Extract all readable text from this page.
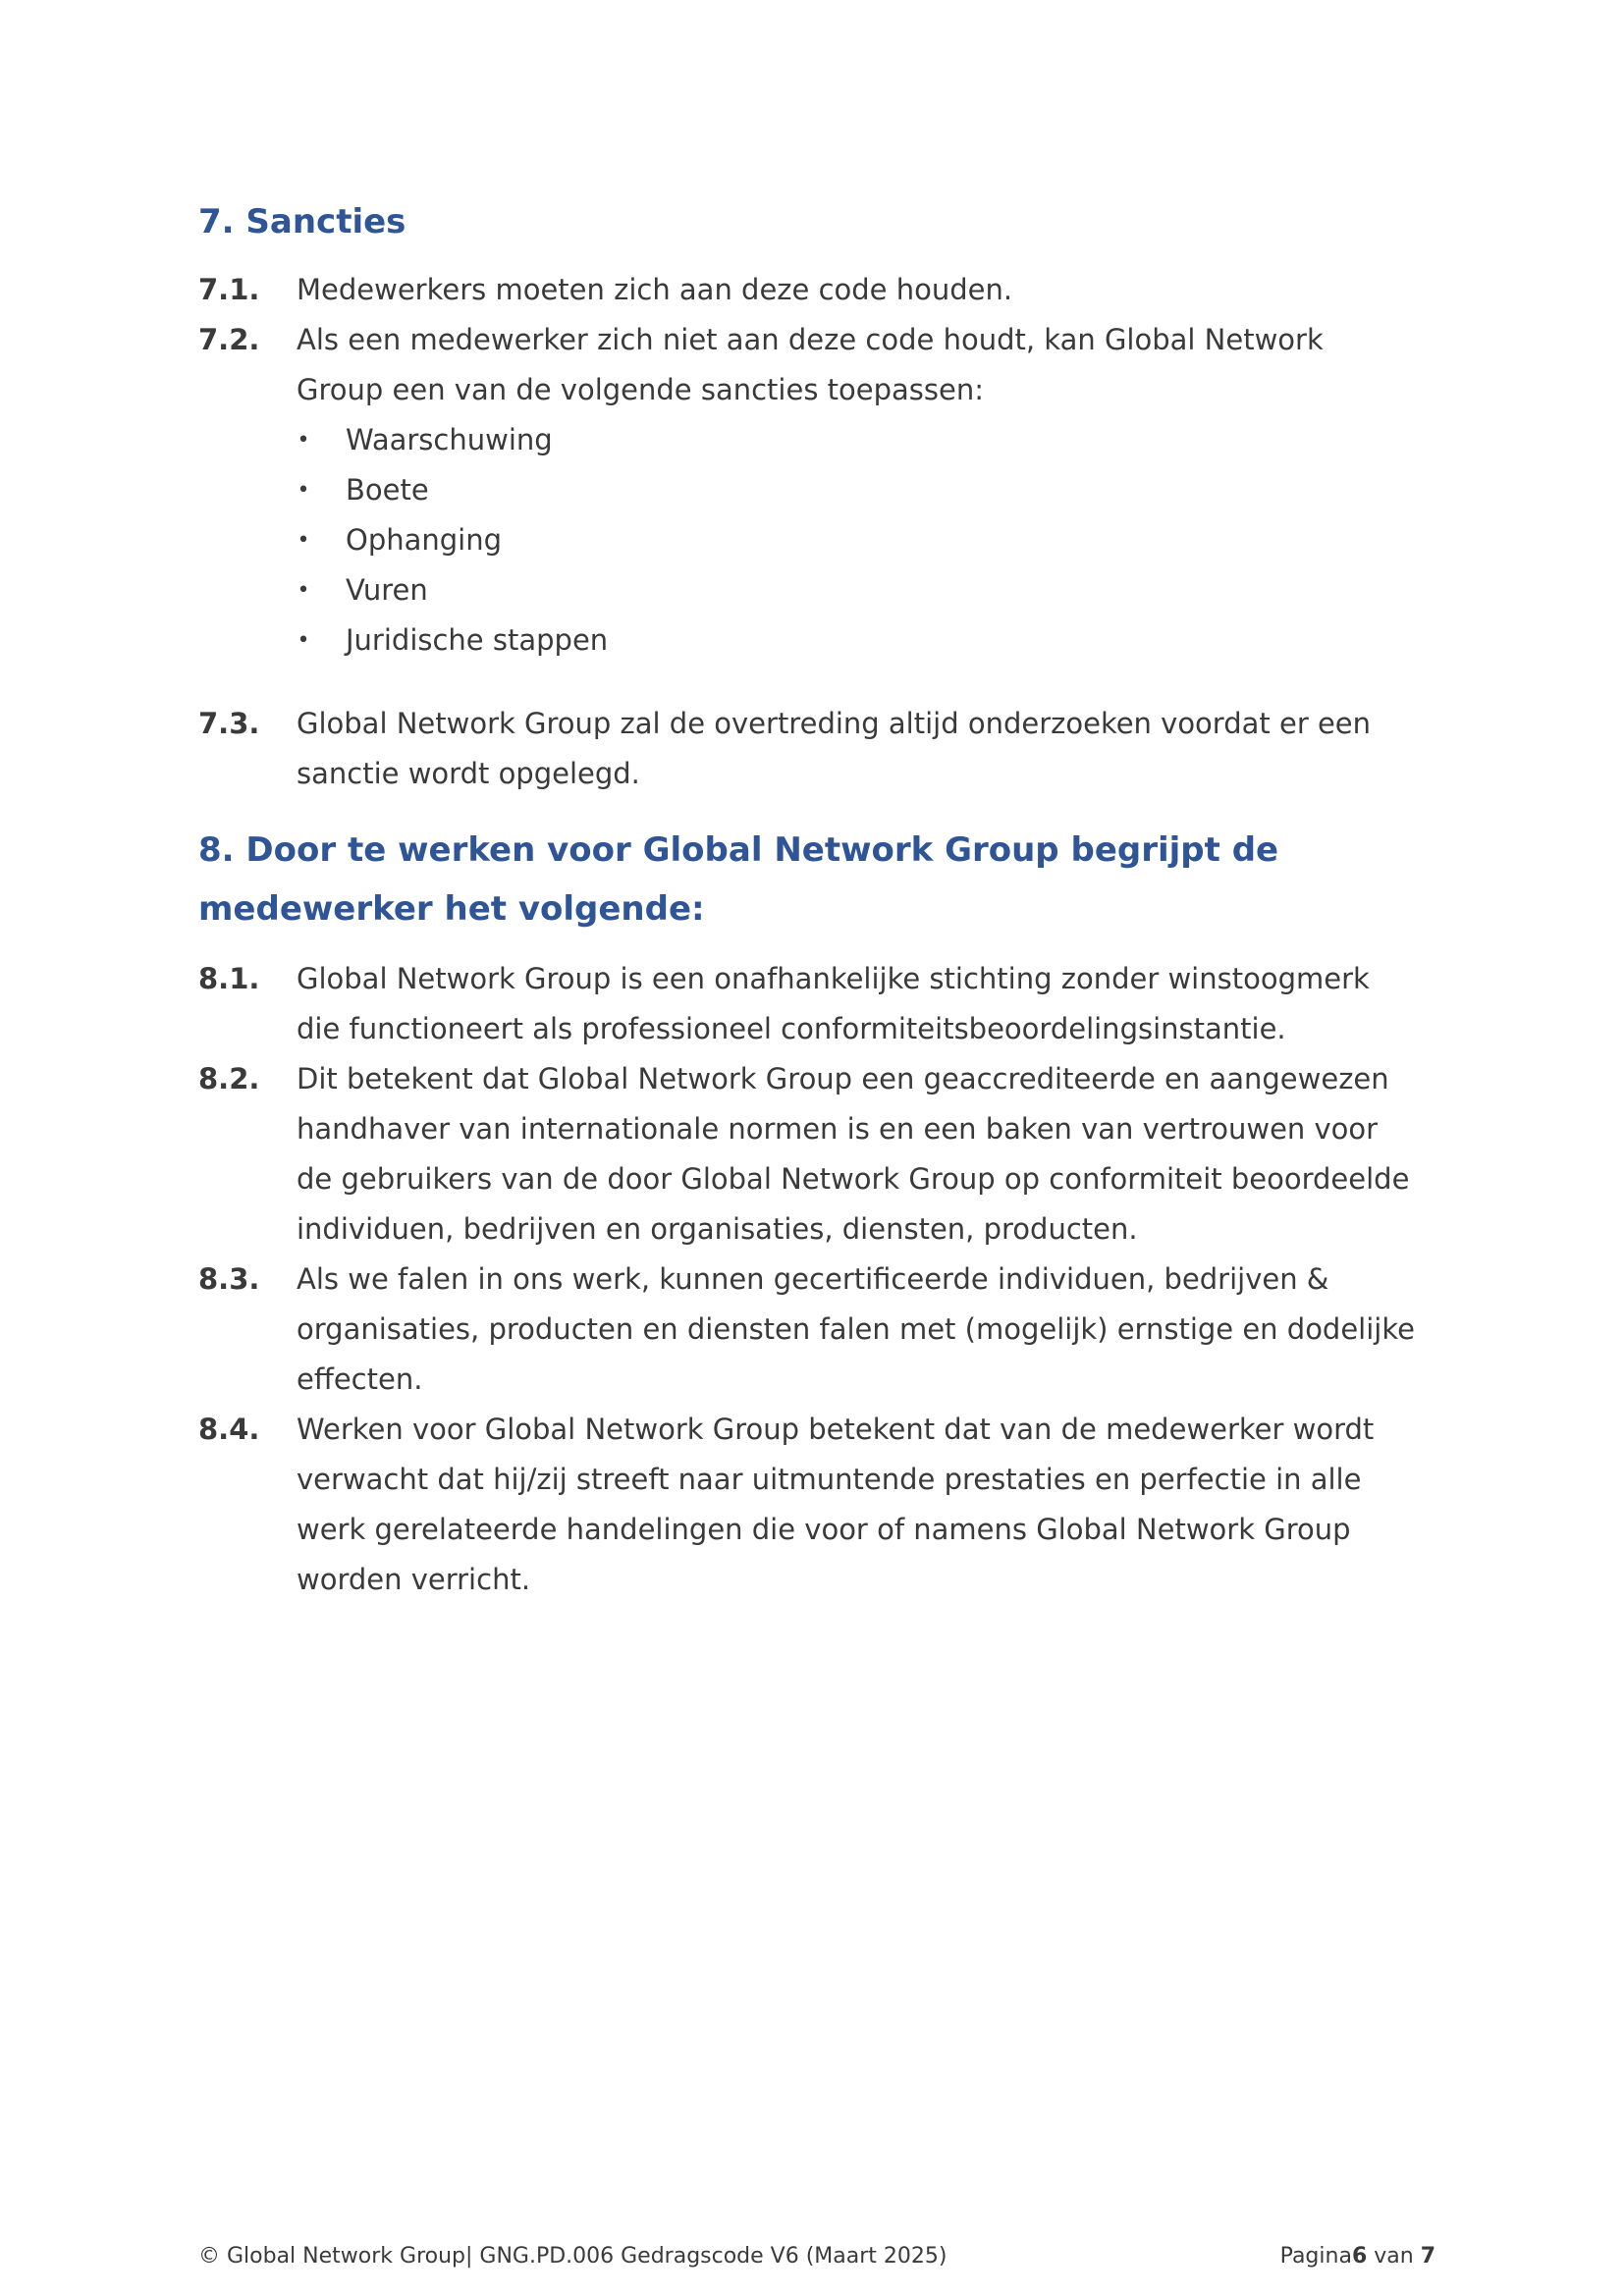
7. Sancties
7.1. Medewerkers moeten zich aan deze code houden.
7.2. Als een medewerker zich niet aan deze code houdt, kan Global Network Group een van de volgende sancties toepassen:
• Waarschuwing
• Boete
• Ophanging
• Vuren
• Juridische stappen
7.3. Global Network Group zal de overtreding altijd onderzoeken voordat er een sanctie wordt opgelegd.
8. Door te werken voor Global Network Group begrijpt de medewerker het volgende:
8.1. Global Network Group is een onafhankelijke stichting zonder winstoogmerk die functioneert als professioneel conformiteitsbeoordelingsinstantie.
8.2. Dit betekent dat Global Network Group een geaccrediteerde en aangewezen handhaver van internationale normen is en een baken van vertrouwen voor de gebruikers van de door Global Network Group op conformiteit beoordeelde individuen, bedrijven en organisaties, diensten, producten.
8.3. Als we falen in ons werk, kunnen gecertificeerde individuen, bedrijven & organisaties, producten en diensten falen met (mogelijk) ernstige en dodelijke effecten.
8.4. Werken voor Global Network Group betekent dat van de medewerker wordt verwacht dat hij/zij streeft naar uitmuntende prestaties en perfectie in alle werk gerelateerde handelingen die voor of namens Global Network Group worden verricht.
© Global Network Group| GNG.PD.006 Gedragscode V6 (Maart 2025)	Pagina6 van 7
